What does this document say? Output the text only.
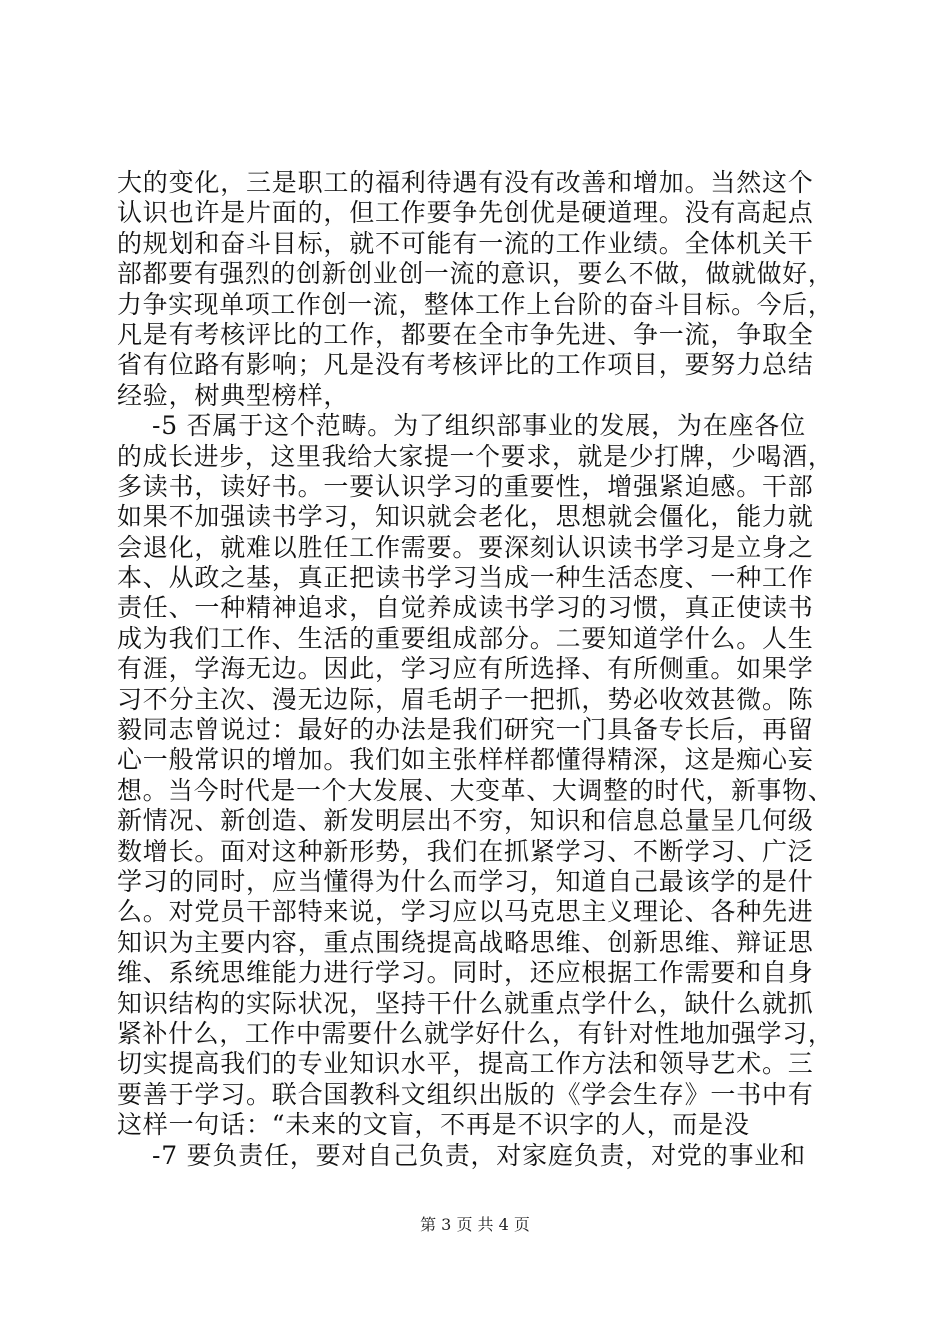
大的变化，三是职工的福利待遇有没有改善和增加。当然这个
认识也许是片面的，但工作要争先创优是硬道理。没有高起点
的规划和奋斗目标，就不可能有一流的工作业绩。全体机关干
部都要有强烈的创新创业创一流的意识，要么不做，做就做好，
力争实现单项工作创一流，整体工作上台阶的奋斗目标。今后，
凡是有考核评比的工作，都要在全市争先进、争一流，争取全
省有位路有影响；凡是没有考核评比的工作项目，要努力总结
经验，树典型榜样，
-5 否属于这个范畴。为了组织部事业的发展，为在座各位
的成长进步，这里我给大家提一个要求，就是少打牌，少喝酒，
多读书，读好书。一要认识学习的重要性，增强紧迫感。干部
如果不加强读书学习，知识就会老化，思想就会僵化，能力就
会退化，就难以胜任工作需要。要深刻认识读书学习是立身之
本、从政之基，真正把读书学习当成一种生活态度、一种工作
责任、一种精神追求，自觉养成读书学习的习惯，真正使读书
成为我们工作、生活的重要组成部分。二要知道学什么。人生
有涯，学海无边。因此，学习应有所选择、有所侧重。如果学
习不分主次、漫无边际，眉毛胡子一把抓，势必收效甚微。陈
毅同志曾说过：最好的办法是我们研究一门具备专长后，再留
心一般常识的增加。我们如主张样样都懂得精深，这是痴心妄
想。当今时代是一个大发展、大变革、大调整的时代，新事物、
新情况、新创造、新发明层出不穷，知识和信息总量呈几何级
数增长。面对这种新形势，我们在抓紧学习、不断学习、广泛
学习的同时，应当懂得为什么而学习，知道自己最该学的是什
么。对党员干部特来说，学习应以马克思主义理论、各种先进
知识为主要内容，重点围绕提高战略思维、创新思维、辩证思
维、系统思维能力进行学习。同时，还应根据工作需要和自身
知识结构的实际状况，坚持干什么就重点学什么，缺什么就抓
紧补什么，工作中需要什么就学好什么，有针对性地加强学习，
切实提高我们的专业知识水平，提高工作方法和领导艺术。三
要善于学习。联合国教科文组织出版的《学会生存》一书中有
这样一句话：“未来的文盲，不再是不识字的人，而是没
-7 要负责任，要对自己负责，对家庭负责，对党的事业和
第 3 页 共 4 页
